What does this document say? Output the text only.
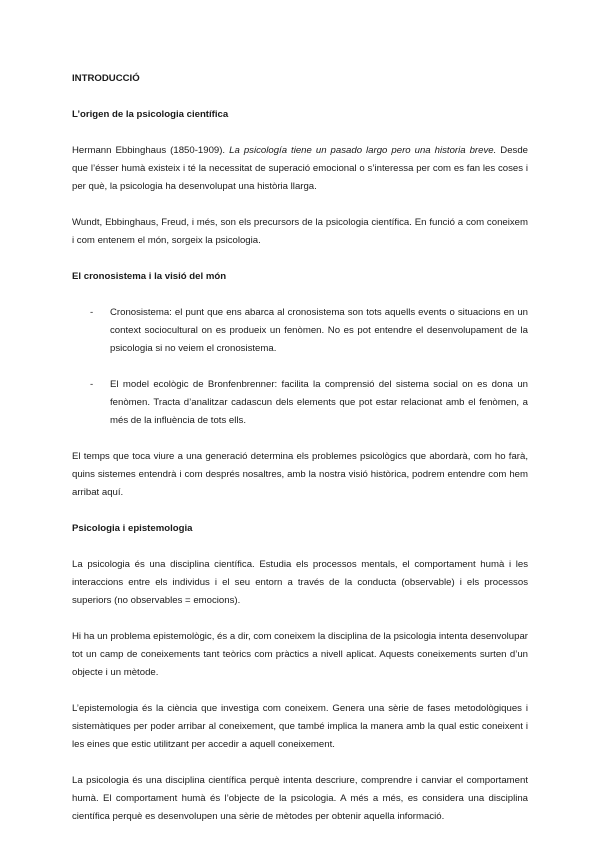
INTRODUCCIÓ

L’origen de la psicologia científica

Hermann Ebbinghaus (1850-1909). La psicología tiene un pasado largo pero una historia breve. Desde que l’ésser humà existeix i té la necessitat de superació emocional o s’interessa per com es fan les coses i per què, la psicologia ha desenvolupat una història llarga.

Wundt, Ebbinghaus, Freud, i més, son els precursors de la psicologia científica. En funció a com coneixem i com entenem el món, sorgeix la psicologia.

El cronosistema i la visió del món

- Cronosistema: el punt que ens abarca al cronosistema son tots aquells events o situacions en un context sociocultural on es produeix un fenòmen. No es pot entendre el desenvolupament de la psicologia si no veiem el cronosistema.
- El model ecològic de Bronfenbrenner: facilita la comprensió del sistema social on es dona un fenòmen. Tracta d’analitzar cadascun dels elements que pot estar relacionat amb el fenòmen, a més de la influència de tots ells.

El temps que toca viure a una generació determina els problemes psicològics que abordarà, com ho farà, quins sistemes entendrà i com després nosaltres, amb la nostra visió històrica, podrem entendre com hem arribat aquí.

Psicologia i epistemologia

La psicologia és una disciplina científica. Estudia els processos mentals, el comportament humà i les interaccions entre els individus i el seu entorn a través de la conducta (observable) i els processos superiors (no observables = emocions).

Hi ha un problema epistemològic, és a dir, com coneixem la disciplina de la psicologia intenta desenvolupar tot un camp de coneixements tant teòrics com pràctics a nivell aplicat. Aquests coneixements surten d’un objecte i un mètode.

L’epistemologia és la ciència que investiga com coneixem. Genera una sèrie de fases metodològiques i sistemàtiques per poder arribar al coneixement, que també implica la manera amb la qual estic coneixent i les eines que estic utilitzant per accedir a aquell coneixement.

La psicologia és una disciplina científica perquè intenta descriure, comprendre i canviar el comportament humà. El comportament humà és l’objecte de la psicologia. A més a més, es considera una disciplina científica perquè es desenvolupen una sèrie de mètodes per obtenir aquella informació.
